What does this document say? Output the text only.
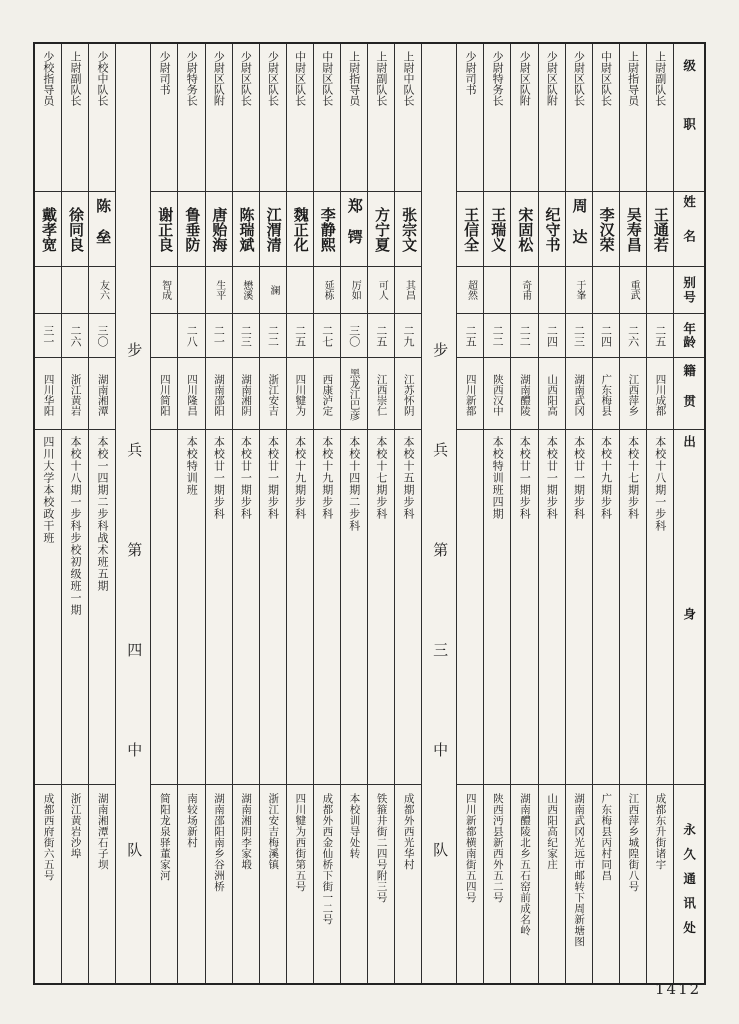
级职
姓名
别号
年龄
籍贯
出身
永久通讯处
上尉副队长
王通若
二五
四川成都
本校十八期一步科
成都东升街诸宇
上尉指导员
吴寿昌
重武
二六
江西萍乡
本校十七期步科
江西萍乡城隍街八号
中尉区队长
李汉荣
二四
广东梅县
本校十九期步科
广东梅县丙村同昌
少尉区队长
周达
于峯
二三
湖南武冈
本校廿一期步科
湖南武冈光远市邮转下周新塘图
少尉区队附
纪守书
二四
山西阳高
本校廿一期步科
山西阳高纪家庄
少尉区队附
宋固松
奇甫
二二
湖南醴陵
本校廿一期步科
湖南醴陵北乡五石窑前成名岭
少尉特务长
王瑞义
二二
陕西汉中
本校特训班四期
陕西沔县新西外五二号
少尉司书
王信全
超然
二五
四川新都
四川新都横南街五四号
步兵第三中队
上尉中队长
张宗文
其昌
二九
江苏怀阴
本校十五期步科
成都外西光华村
上尉副队长
方宁夏
可人
二五
江西崇仁
本校十七期步科
铁箍井街二四号附三号
上尉指导员
郑锷
厉如
三〇
黑龙江巴彦
本校十四期二步科
本校训导处转
中尉区队长
李静熙
延栋
二七
西康泸定
本校十九期步科
成都外西金仙桥下街一二号
中尉区队长
魏正化
二五
四川犍为
本校十九期步科
四川犍为西街第五号
少尉区队长
江渭清
澜
二二
浙江安吉
本校廿一期步科
浙江安吉梅溪镇
少尉区队长
陈瑞斌
懋溪
二三
湖南湘阴
本校廿一期步科
湖南湘阴李家塅
少尉区队附
唐贻海
生平
二一
湖南邵阳
本校廿一期步科
湖南邵阳南乡谷洲桥
少尉特务长
鲁垂防
二八
四川隆昌
本校特训班
南较场新村
少尉司书
谢正良
智成
四川简阳
简阳龙泉驿董家河
步兵第四中队
少校中队长
陈垒
友六
三〇
湖南湘潭
本校一四期二步科战术班五期
湖南湘潭石子坝
上尉副队长
徐同良
二六
浙江黄岩
本校十八期一步科步校初级班一期
浙江黄岩沙埠
少校指导员
戴孝宽
三一
四川华阳
四川大学本校政干班
成都西府街六五号
1412
